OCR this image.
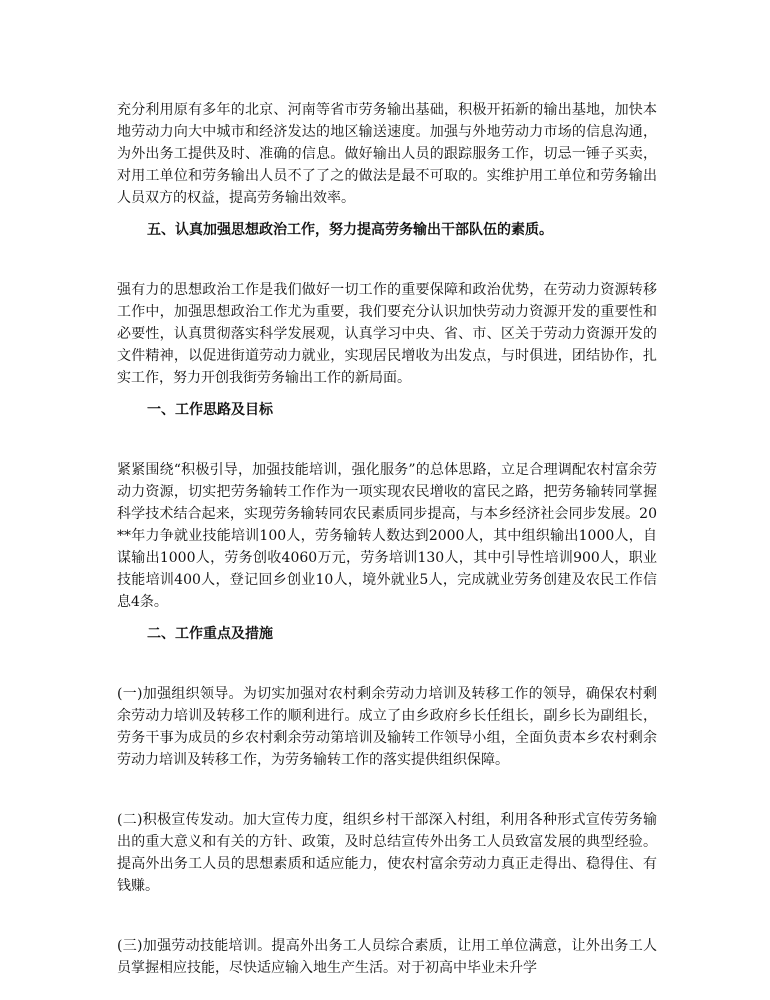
充分利用原有多年的北京、河南等省市劳务输出基础，积极开拓新的输出基地，加快本地劳动力向大中城市和经济发达的地区输送速度。加强与外地劳动力市场的信息沟通，为外出务工提供及时、准确的信息。做好输出人员的跟踪服务工作，切忌一锤子买卖，对用工单位和劳务输出人员不了了之的做法是最不可取的。实维护用工单位和劳务输出人员双方的权益，提高劳务输出效率。

五、认真加强思想政治工作，努力提高劳务输出干部队伍的素质。

强有力的思想政治工作是我们做好一切工作的重要保障和政治优势，在劳动力资源转移工作中，加强思想政治工作尤为重要，我们要充分认识加快劳动力资源开发的重要性和必要性，认真贯彻落实科学发展观，认真学习中央、省、市、区关于劳动力资源开发的文件精神，以促进街道劳动力就业，实现居民增收为出发点，与时俱进，团结协作，扎实工作，努力开创我街劳务输出工作的新局面。

一、工作思路及目标

紧紧围绕“积极引导，加强技能培训，强化服务”的总体思路，立足合理调配农村富余劳动力资源，切实把劳务输转工作作为一项实现农民增收的富民之路，把劳务输转同掌握科学技术结合起来，实现劳务输转同农民素质同步提高，与本乡经济社会同步发展。20**年力争就业技能培训100人，劳务输转人数达到2000人，其中组织输出1000人，自谋输出1000人，劳务创收4060万元，劳务培训130人，其中引导性培训900人，职业技能培训400人，登记回乡创业10人，境外就业5人，完成就业劳务创建及农民工作信息4条。

二、工作重点及措施

(一)加强组织领导。为切实加强对农村剩余劳动力培训及转移工作的领导，确保农村剩余劳动力培训及转移工作的顺利进行。成立了由乡政府乡长任组长，副乡长为副组长，劳务干事为成员的乡农村剩余劳动第培训及输转工作领导小组，全面负责本乡农村剩余劳动力培训及转移工作，为劳务输转工作的落实提供组织保障。

(二)积极宣传发动。加大宣传力度，组织乡村干部深入村组，利用各种形式宣传劳务输出的重大意义和有关的方针、政策，及时总结宣传外出务工人员致富发展的典型经验。提高外出务工人员的思想素质和适应能力，使农村富余劳动力真正走得出、稳得住、有钱赚。

(三)加强劳动技能培训。提高外出务工人员综合素质，让用工单位满意，让外出务工人员掌握相应技能，尽快适应输入地生产生活。对于初高中毕业未升学
